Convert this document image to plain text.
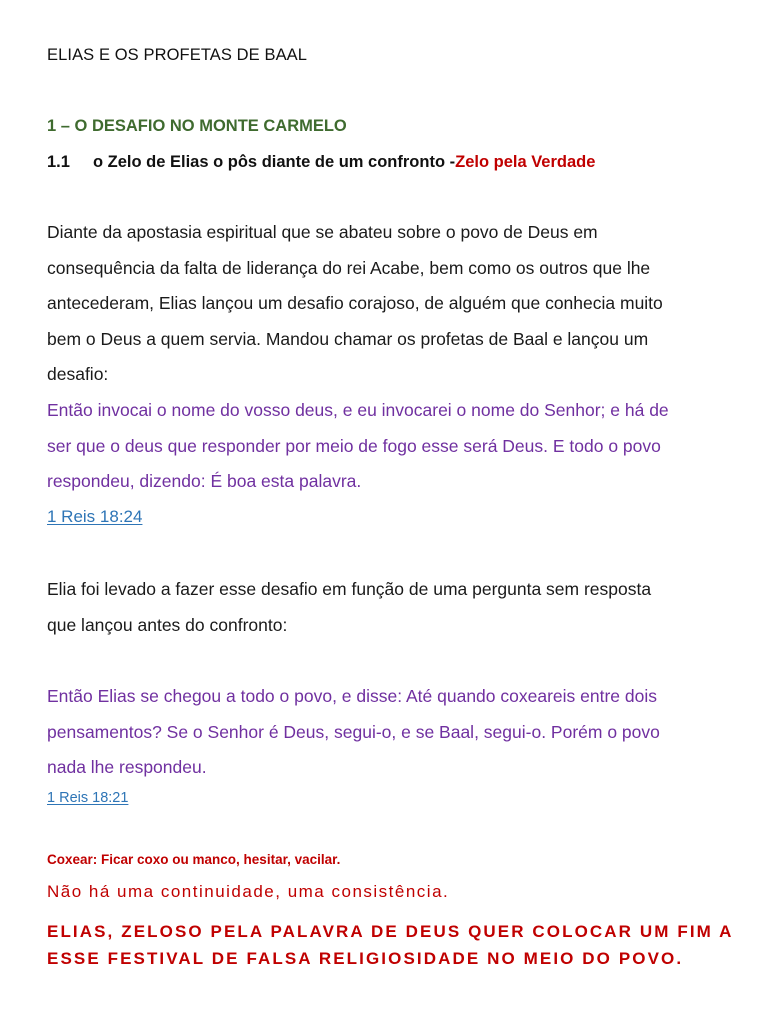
ELIAS E OS PROFETAS DE BAAL
1 – O DESAFIO NO MONTE CARMELO
1.1 o Zelo de Elias o pôs diante de um confronto -Zelo pela Verdade
Diante da apostasia espiritual que se abateu sobre o povo de Deus em
consequência da falta de liderança do rei Acabe, bem como os outros que lhe
antecederam, Elias lançou um desafio corajoso, de alguém que conhecia muito
bem o Deus a quem servia. Mandou chamar os profetas de Baal e lançou um
desafio:
Então invocai o nome do vosso deus, e eu invocarei o nome do Senhor; e há de
ser que o deus que responder por meio de fogo esse será Deus. E todo o povo
respondeu, dizendo: É boa esta palavra.
1 Reis 18:24
Elia foi levado a fazer esse desafio em função de uma pergunta sem resposta
que lançou antes do confronto:
Então Elias se chegou a todo o povo, e disse: Até quando coxeareis entre dois
pensamentos? Se o Senhor é Deus, segui-o, e se Baal, segui-o. Porém o povo
nada lhe respondeu.
1 Reis 18:21
Coxear: Ficar coxo ou manco, hesitar, vacilar.
Não há uma continuidade, uma consistência.
ELIAS, ZELOSO PELA PALAVRA DE DEUS QUER COLOCAR UM FIM A
ESSE FESTIVAL DE FALSA RELIGIOSIDADE NO MEIO DO POVO.
